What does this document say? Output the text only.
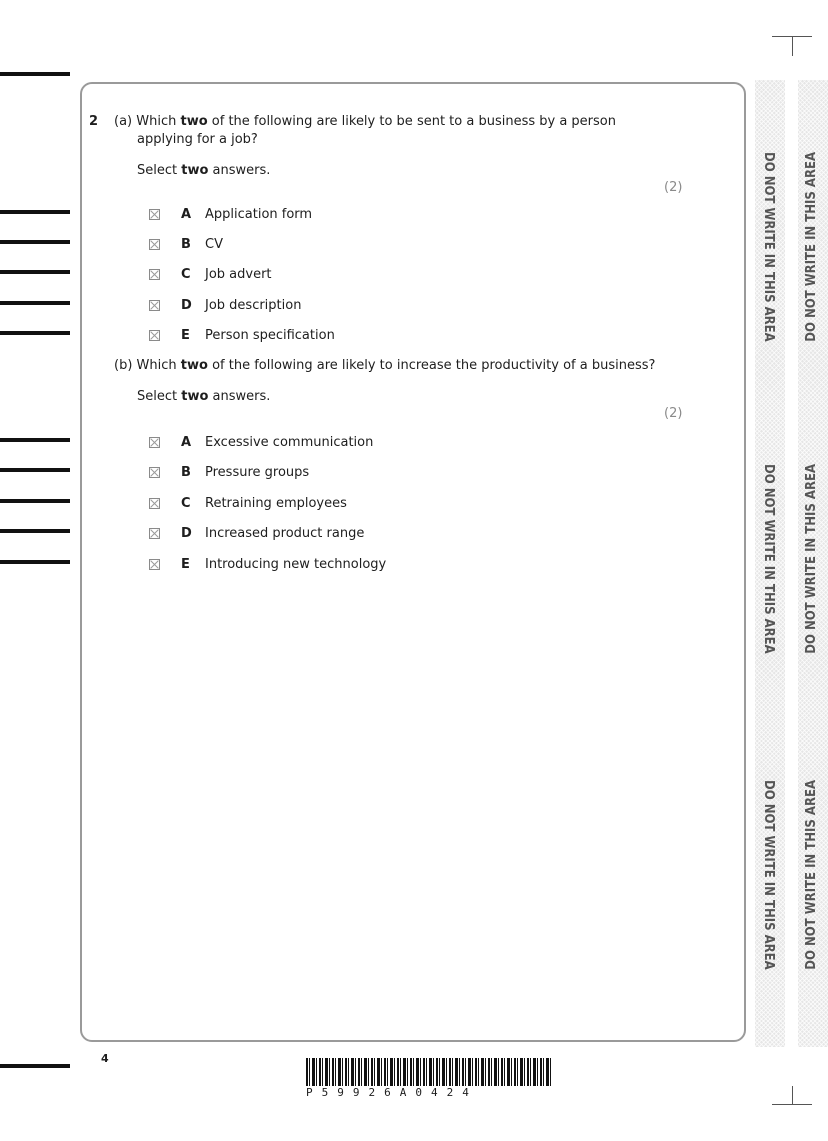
2 (a) Which two of the following are likely to be sent to a business by a person
applying for a job?
Select two answers.
(2)
A	Application form
B	CV
C	Job advert
D	Job description
E	Person specification
(b) Which two of the following are likely to increase the productivity of a business?
Select two answers.
(2)
A	Excessive communication
B	Pressure groups
C	Retraining employees
D	Increased product range
E	Introducing new technology
DO NOT WRITE IN THIS AREA
DO NOT WRITE IN THIS AREA
DO NOT WRITE IN THIS AREA
DO NOT WRITE IN THIS AREA
DO NOT WRITE IN THIS AREA
DO NOT WRITE IN THIS AREA
4
P59926A0424
